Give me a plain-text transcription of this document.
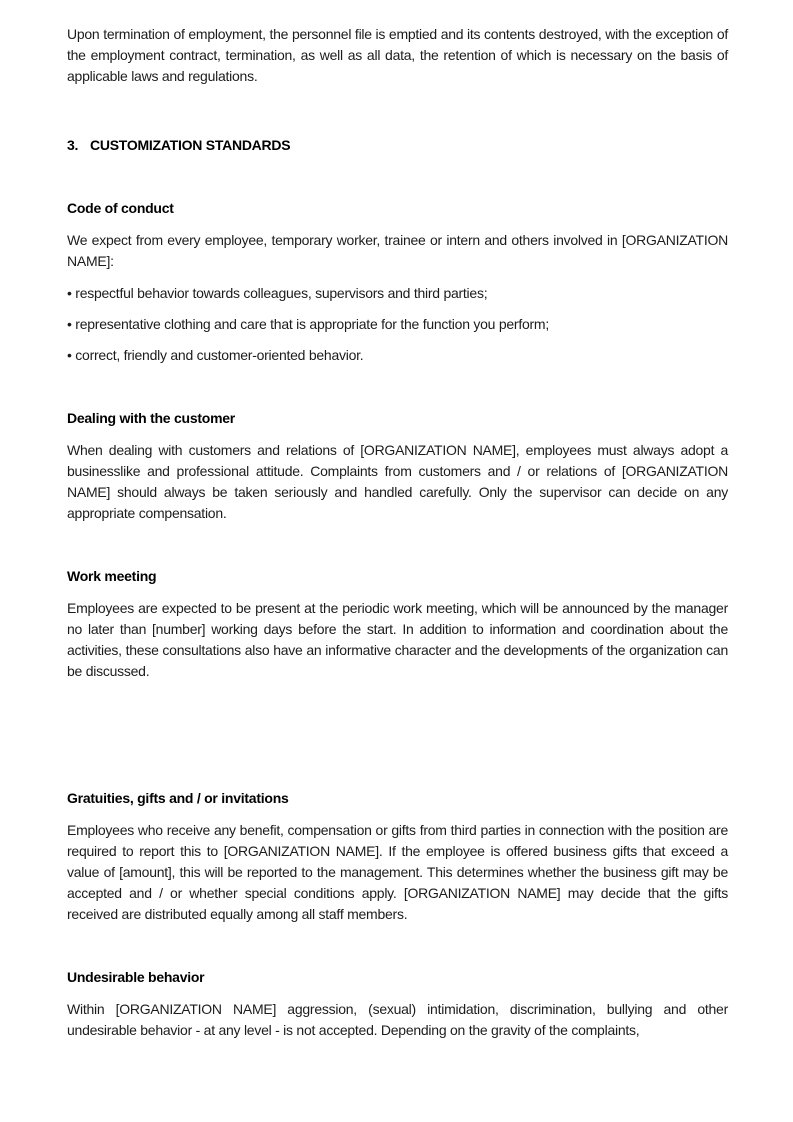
Upon termination of employment, the personnel file is emptied and its contents destroyed, with the exception of the employment contract, termination, as well as all data, the retention of which is necessary on the basis of applicable laws and regulations.

3. CUSTOMIZATION STANDARDS
Code of conduct

We expect from every employee, temporary worker, trainee or intern and others involved in [ORGANIZATION NAME]:

• respectful behavior towards colleagues, supervisors and third parties;

• representative clothing and care that is appropriate for the function you perform;

• correct, friendly and customer-oriented behavior.

Dealing with the customer

When dealing with customers and relations of [ORGANIZATION NAME], employees must always adopt a businesslike and professional attitude. Complaints from customers and / or relations of [ORGANIZATION NAME] should always be taken seriously and handled carefully. Only the supervisor can decide on any appropriate compensation.

Work meeting

Employees are expected to be present at the periodic work meeting, which will be announced by the manager no later than [number] working days before the start. In addition to information and coordination about the activities, these consultations also have an informative character and the developments of the organization can be discussed.

Gratuities, gifts and / or invitations

Employees who receive any benefit, compensation or gifts from third parties in connection with the position are required to report this to [ORGANIZATION NAME]. If the employee is offered business gifts that exceed a value of [amount], this will be reported to the management. This determines whether the business gift may be accepted and / or whether special conditions apply. [ORGANIZATION NAME] may decide that the gifts received are distributed equally among all staff members.

Undesirable behavior

Within [ORGANIZATION NAME] aggression, (sexual) intimidation, discrimination, bullying and other undesirable behavior - at any level - is not accepted. Depending on the gravity of the complaints,
